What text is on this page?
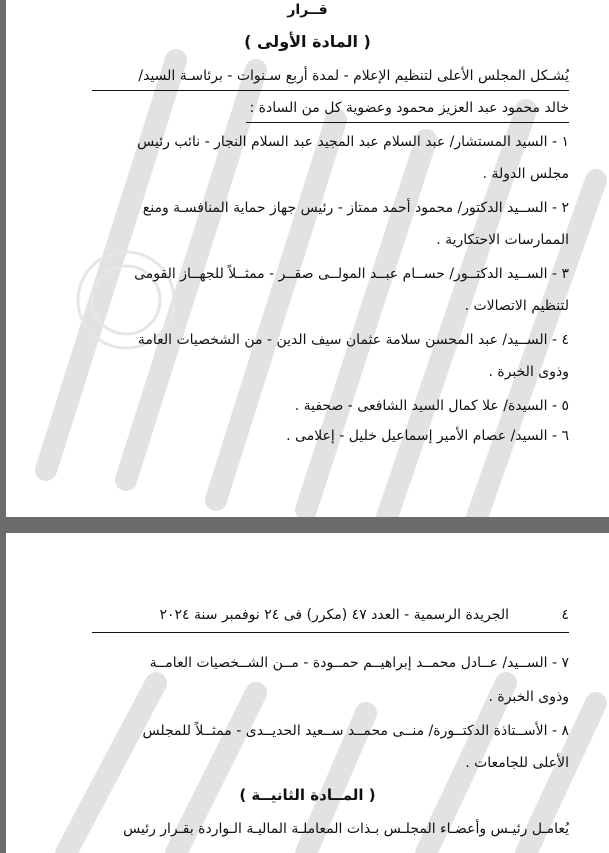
قــرار
( المادة الأولى )
يُشـكل المجلس الأعلى لتنظيم الإعلام - لمدة أربع سـنوات - برئاسـة السيد/
خالد محمود عبد العزيز محمود وعضوية كل من السادة :
١ - السيد المستشار/ عبد السلام عبد المجيد عبد السلام النجار - نائب رئيس
مجلس الدولة .
٢ - الســيد الدكتور/ محمود أحمد ممتاز - رئيس جهاز حماية المنافسـة ومنع
الممارسات الاحتكارية .
٣ - الســيد الدكتــور/ حســام عبــد المولــى صقــر - ممثــلاً للجهــاز القومى
لتنظيم الاتصالات .
٤ - الســيد/ عبد المحسن سلامة عثمان سيف الدين - من الشخصيات العامة
وذوى الخبرة .
٥ - السيدة/ علا كمال السيد الشافعى - صحفية .
٦ - السيد/ عصام الأمير إسماعيل خليل - إعلامى .
٤
الجريدة الرسمية - العدد ٤٧ (مكرر) فى ٢٤ نوفمبر سنة ٢٠٢٤
٧ - الســيد/ عــادل محمــد إبراهيــم حمــودة - مــن الشــخصيات العامــة
وذوى الخبرة .
٨ - الأســتاذة الدكتــورة/ منــى محمــد ســعيد الحديــدى - ممثــلاً للمجلس
الأعلى للجامعات .
( المــادة الثانيــة )
يُعامـل رئيـس وأعضـاء المجلـس بـذات المعاملـة الماليـة الـواردة بقـرار رئيس
